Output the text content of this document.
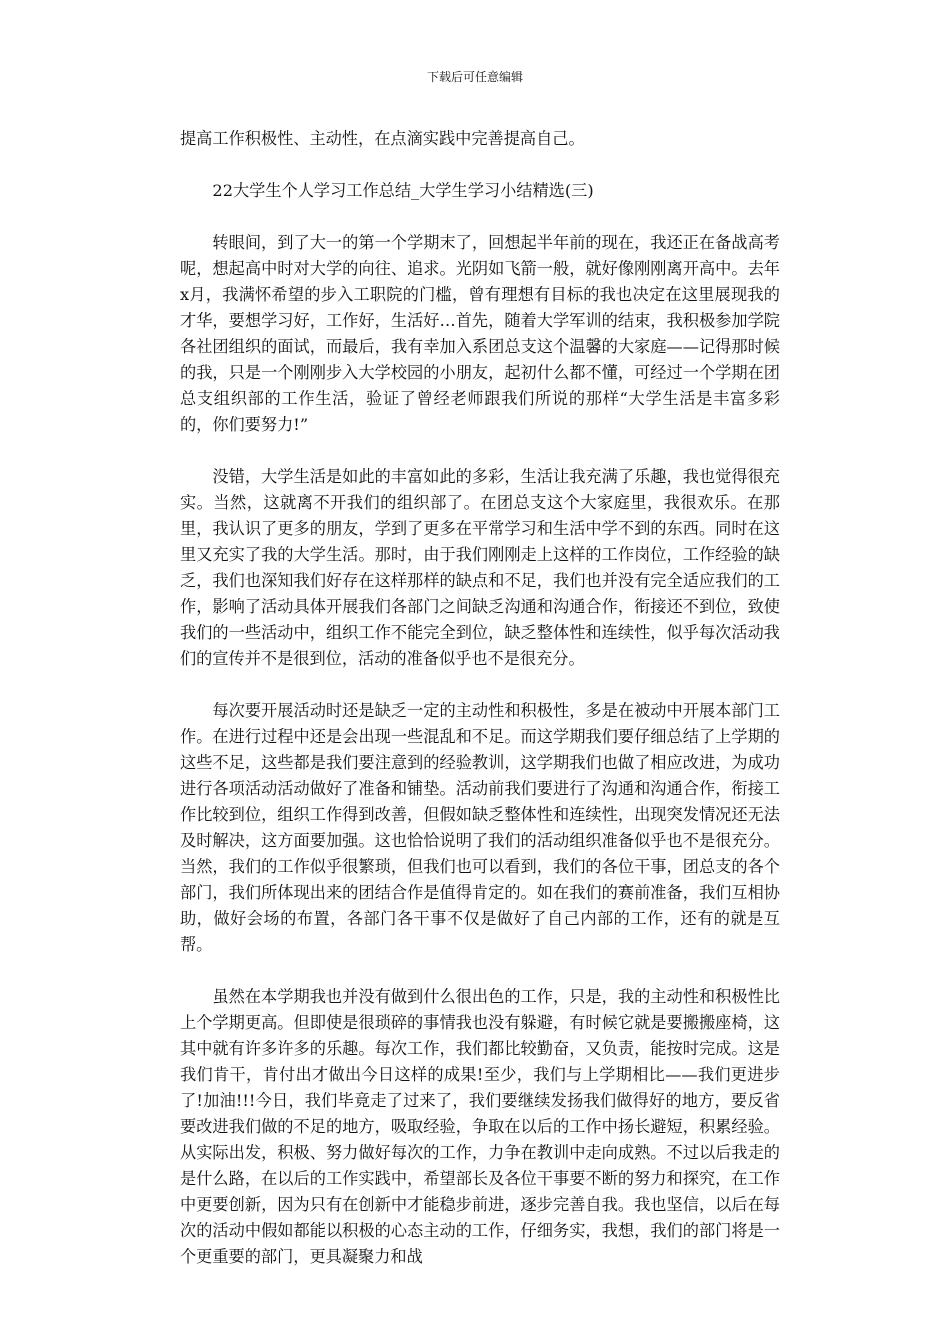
下载后可任意编辑

提高工作积极性、主动性，在点滴实践中完善提高自己。

22大学生个人学习工作总结_大学生学习小结精选(三)

转眼间，到了大一的第一个学期末了，回想起半年前的现在，我还正在备战高考呢，想起高中时对大学的向往、追求。光阴如飞箭一般，就好像刚刚离开高中。去年x月，我满怀希望的步入工职院的门槛，曾有理想有目标的我也决定在这里展现我的才华，要想学习好，工作好，生活好…首先，随着大学军训的结束，我积极参加学院各社团组织的面试，而最后，我有幸加入系团总支这个温馨的大家庭——记得那时候的我，只是一个刚刚步入大学校园的小朋友，起初什么都不懂，可经过一个学期在团总支组织部的工作生活，验证了曾经老师跟我们所说的那样“大学生活是丰富多彩的，你们要努力!”

没错，大学生活是如此的丰富如此的多彩，生活让我充满了乐趣，我也觉得很充实。当然，这就离不开我们的组织部了。在团总支这个大家庭里，我很欢乐。在那里，我认识了更多的朋友，学到了更多在平常学习和生活中学不到的东西。同时在这里又充实了我的大学生活。那时，由于我们刚刚走上这样的工作岗位，工作经验的缺乏，我们也深知我们好存在这样那样的缺点和不足，我们也并没有完全适应我们的工作，影响了活动具体开展我们各部门之间缺乏沟通和沟通合作，衔接还不到位，致使我们的一些活动中，组织工作不能完全到位，缺乏整体性和连续性，似乎每次活动我们的宣传并不是很到位，活动的准备似乎也不是很充分。

每次要开展活动时还是缺乏一定的主动性和积极性，多是在被动中开展本部门工作。在进行过程中还是会出现一些混乱和不足。而这学期我们要仔细总结了上学期的这些不足，这些都是我们要注意到的经验教训，这学期我们也做了相应改进，为成功进行各项活动活动做好了准备和铺垫。活动前我们要进行了沟通和沟通合作，衔接工作比较到位，组织工作得到改善，但假如缺乏整体性和连续性，出现突发情况还无法及时解决，这方面要加强。这也恰恰说明了我们的活动组织准备似乎也不是很充分。当然，我们的工作似乎很繁琐，但我们也可以看到，我们的各位干事，团总支的各个部门，我们所体现出来的团结合作是值得肯定的。如在我们的赛前准备，我们互相协助，做好会场的布置，各部门各干事不仅是做好了自己内部的工作，还有的就是互帮。

虽然在本学期我也并没有做到什么很出色的工作，只是，我的主动性和积极性比上个学期更高。但即使是很琐碎的事情我也没有躲避，有时候它就是要搬搬座椅，这其中就有许多许多的乐趣。每次工作，我们都比较勤奋，又负责，能按时完成。这是我们肯干，肯付出才做出今日这样的成果!至少，我们与上学期相比——我们更进步了!加油!!!今日，我们毕竟走了过来了，我们要继续发扬我们做得好的地方，要反省要改进我们做的不足的地方，吸取经验，争取在以后的工作中扬长避短，积累经验。从实际出发，积极、努力做好每次的工作，力争在教训中走向成熟。不过以后我走的是什么路，在以后的工作实践中，希望部长及各位干事要不断的努力和探究，在工作中更要创新，因为只有在创新中才能稳步前进，逐步完善自我。我也坚信，以后在每次的活动中假如都能以积极的心态主动的工作，仔细务实，我想，我们的部门将是一个更重要的部门，更具凝聚力和战
